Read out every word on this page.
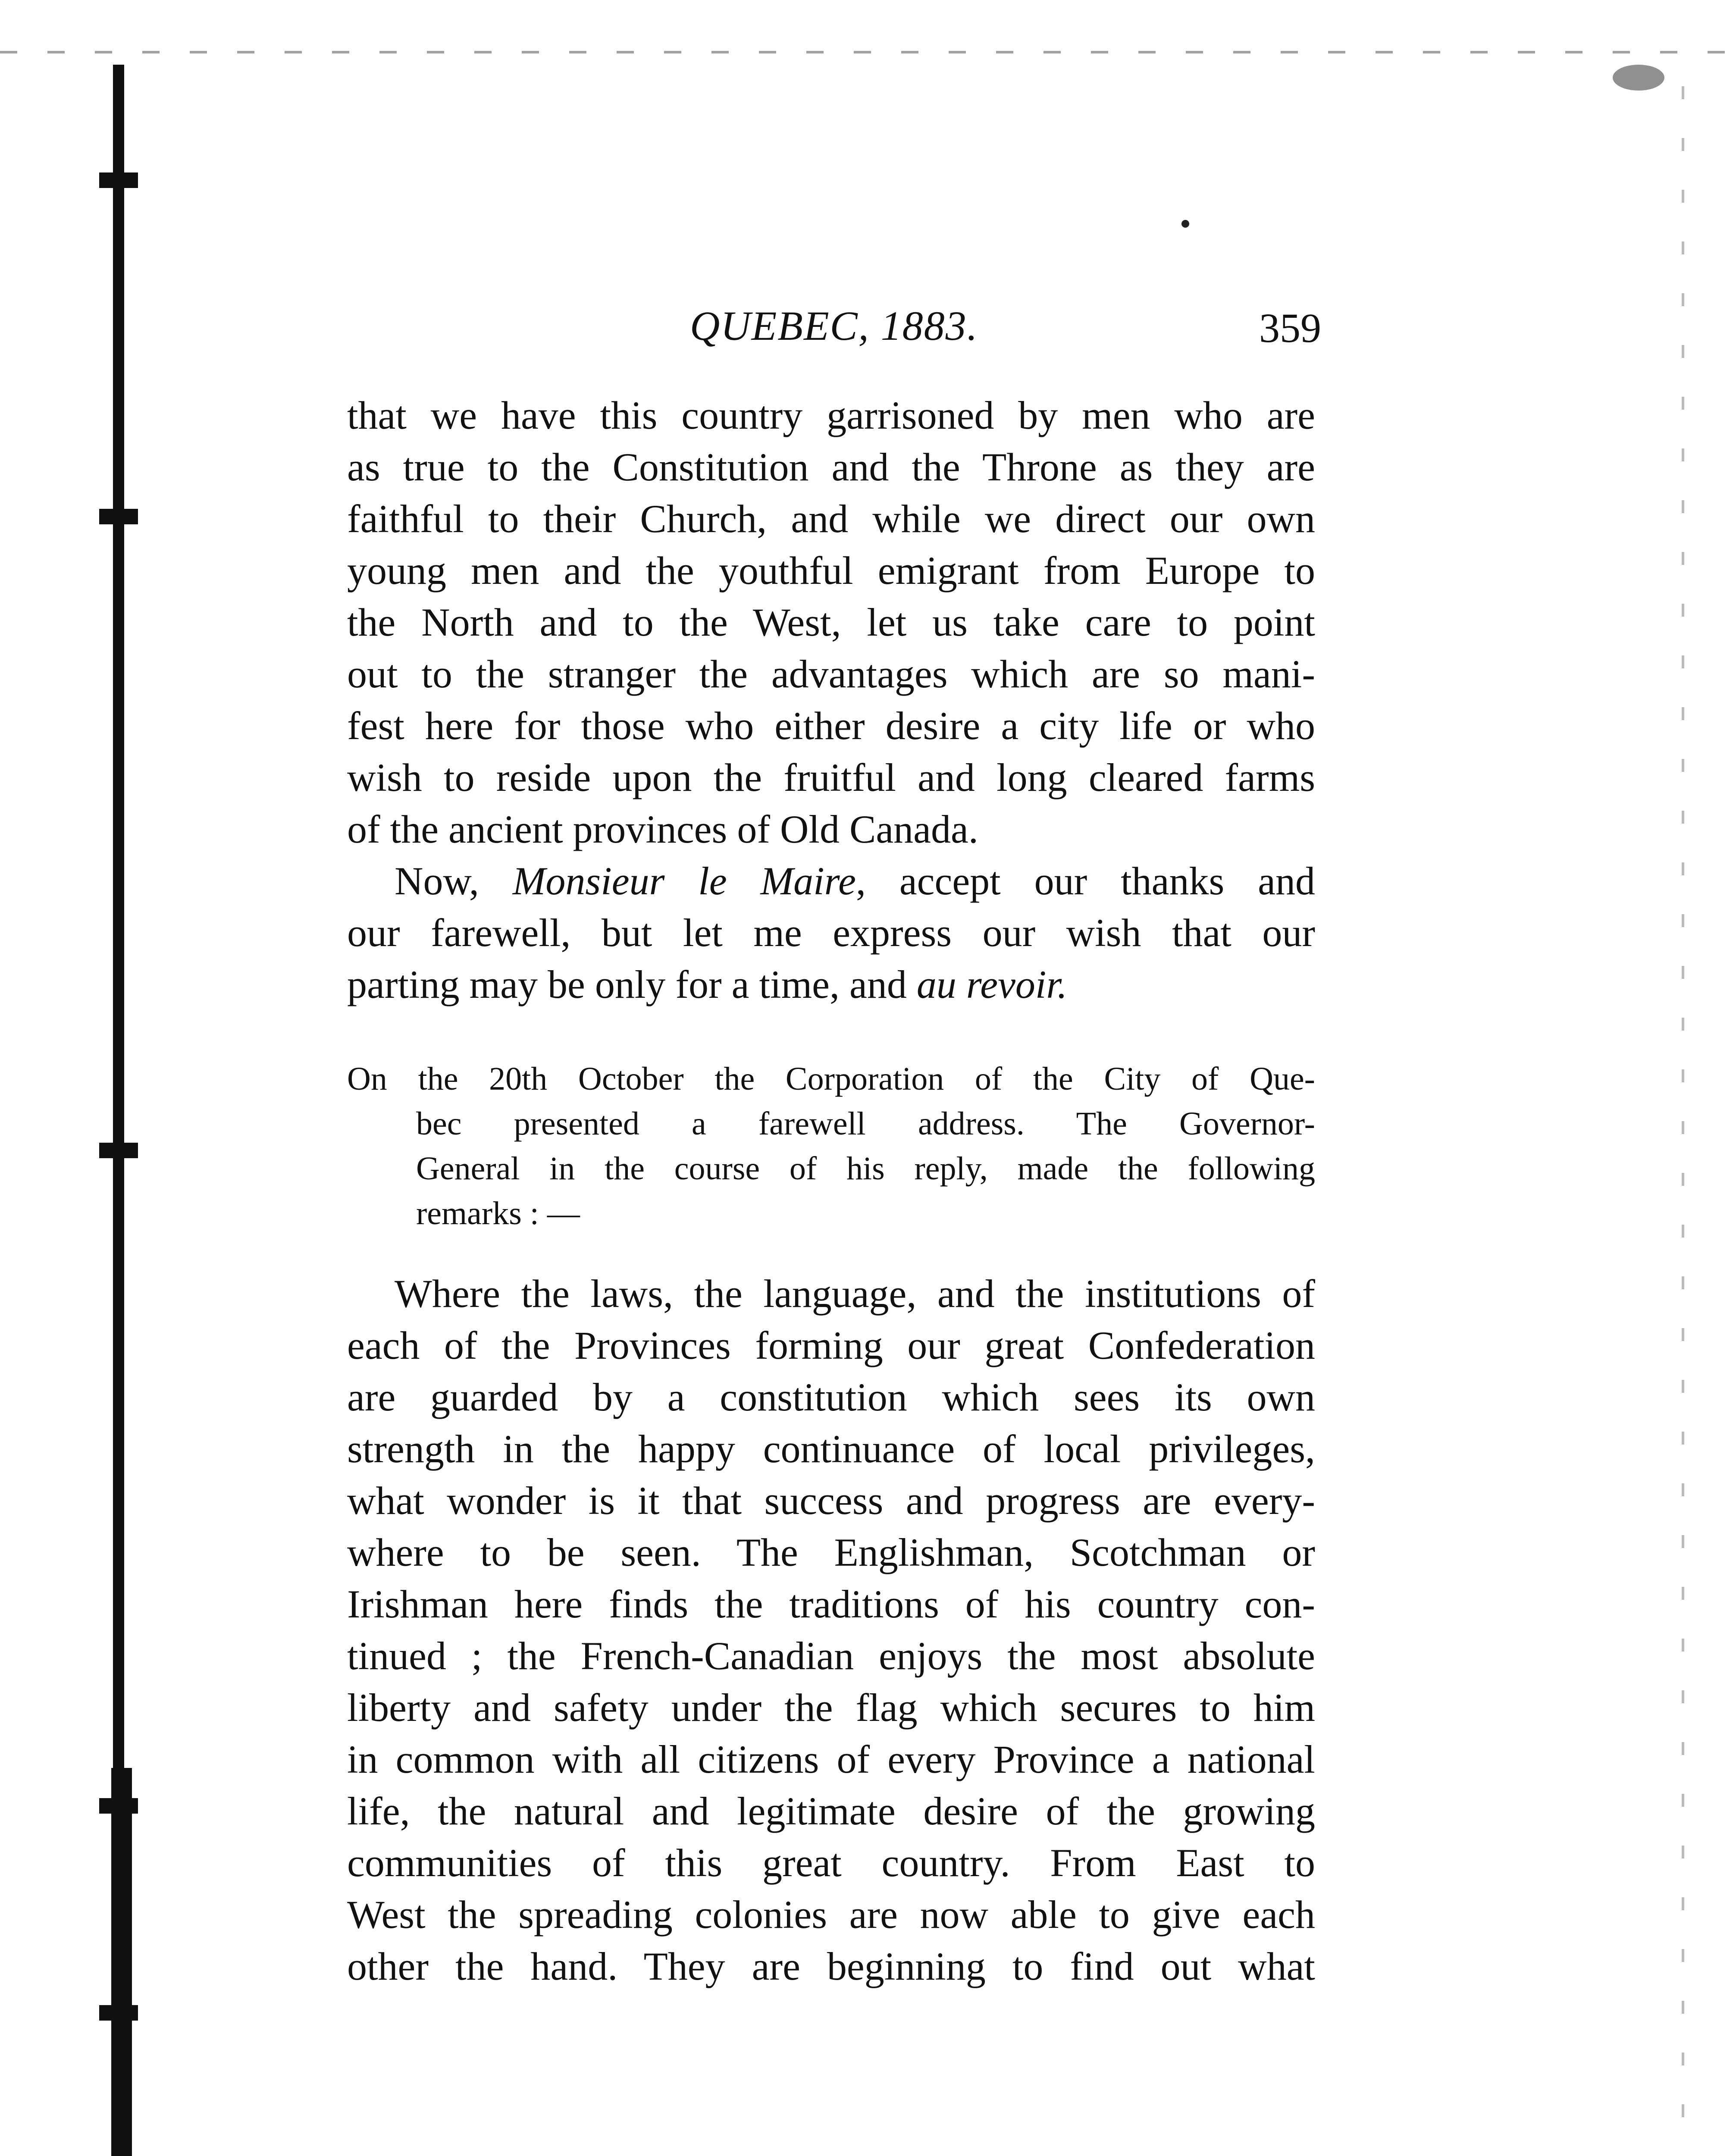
QUEBEC, 1883.	359
that we have this country garrisoned by men who are
as true to the Constitution and the Throne as they are
faithful to their Church, and while we direct our own
young men and the youthful emigrant from Europe to
the North and to the West, let us take care to point
out to the stranger the advantages which are so mani-
fest here for those who either desire a city life or who
wish to reside upon the fruitful and long cleared farms
of the ancient provinces of Old Canada.
Now, Monsieur le Maire, accept our thanks and
our farewell, but let me express our wish that our
parting may be only for a time, and au revoir.
On the 20th October the Corporation of the City of Que-
bec presented a farewell address. The Governor-
General in the course of his reply, made the following
remarks : —
Where the laws, the language, and the institutions of
each of the Provinces forming our great Confederation
are guarded by a constitution which sees its own
strength in the happy continuance of local privileges,
what wonder is it that success and progress are every-
where to be seen. The Englishman, Scotchman or
Irishman here finds the traditions of his country con-
tinued ; the French-Canadian enjoys the most absolute
liberty and safety under the flag which secures to him
in common with all citizens of every Province a national
life, the natural and legitimate desire of the growing
communities of this great country. From East to
West the spreading colonies are now able to give each
other the hand. They are beginning to find out what
